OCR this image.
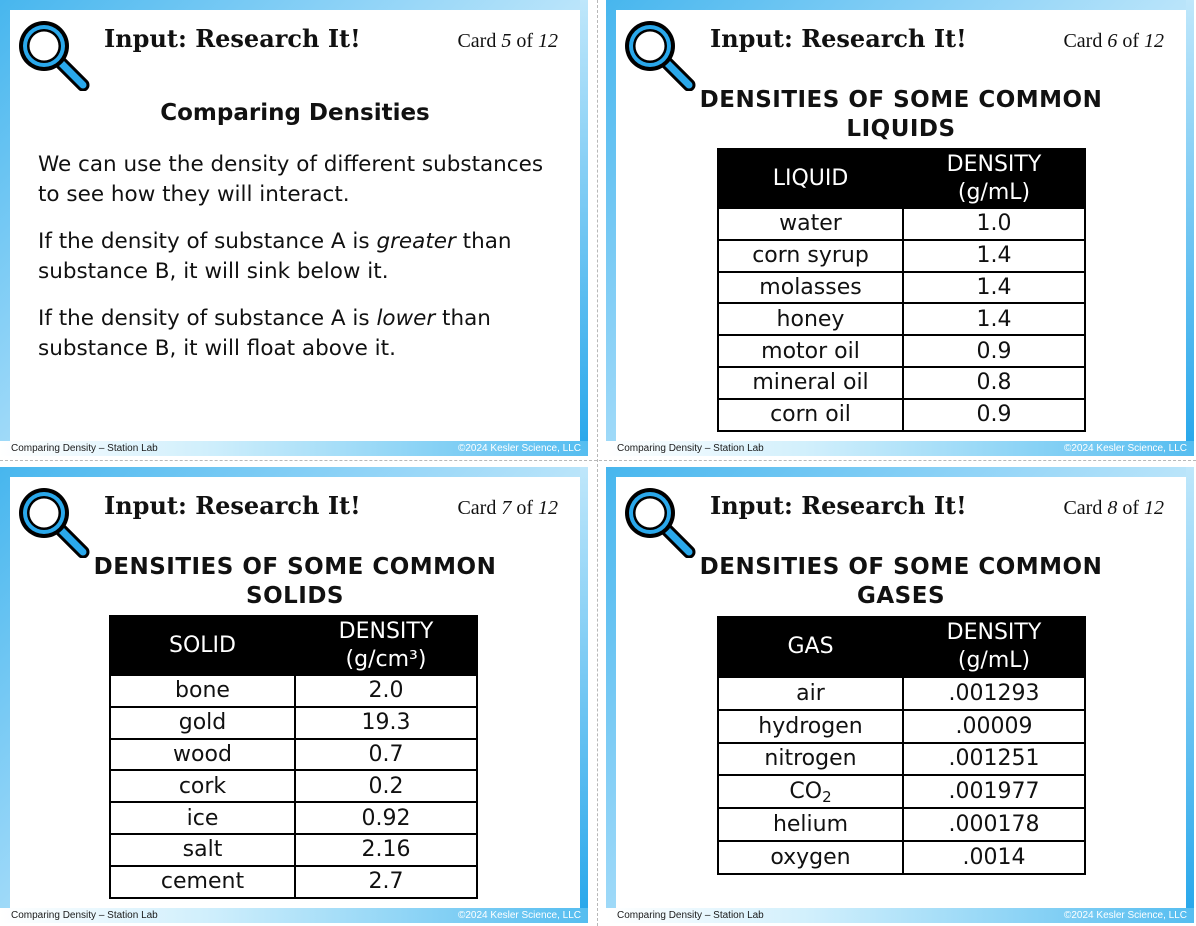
Comparing Density – Station Lab	©2024 Kesler Science, LLC
Input: Research It!	Card 5 of 12
Comparing Densities

We can use the density of different substances to see how they will interact.

If the density of substance A is greater than substance B, it will sink below it.

If the density of substance A is lower than substance B, it will float above it.

Comparing Density – Station Lab	©2024 Kesler Science, LLC
Input: Research It!	Card 6 of 12
DENSITIES OF SOME COMMON
LIQUIDS
LIQUID	DENSITY
(g/mL)

water	1.0
corn syrup	1.4
molasses	1.4
honey	1.4
motor oil	0.9
mineral oil	0.8
corn oil	0.9
Comparing Density – Station Lab	©2024 Kesler Science, LLC
Input: Research It!	Card 7 of 12
DENSITIES OF SOME COMMON
SOLIDS
SOLID	DENSITY
(g/cm³)

bone	2.0
gold	19.3
wood	0.7
cork	0.2
ice	0.92
salt	2.16
cement	2.7
Comparing Density – Station Lab	©2024 Kesler Science, LLC
Input: Research It!	Card 8 of 12
DENSITIES OF SOME COMMON
GASES
GAS	DENSITY
(g/mL)

air	.001293
hydrogen	.00009
nitrogen	.001251
$CO_2$	.001977
helium	.000178
oxygen	.0014
